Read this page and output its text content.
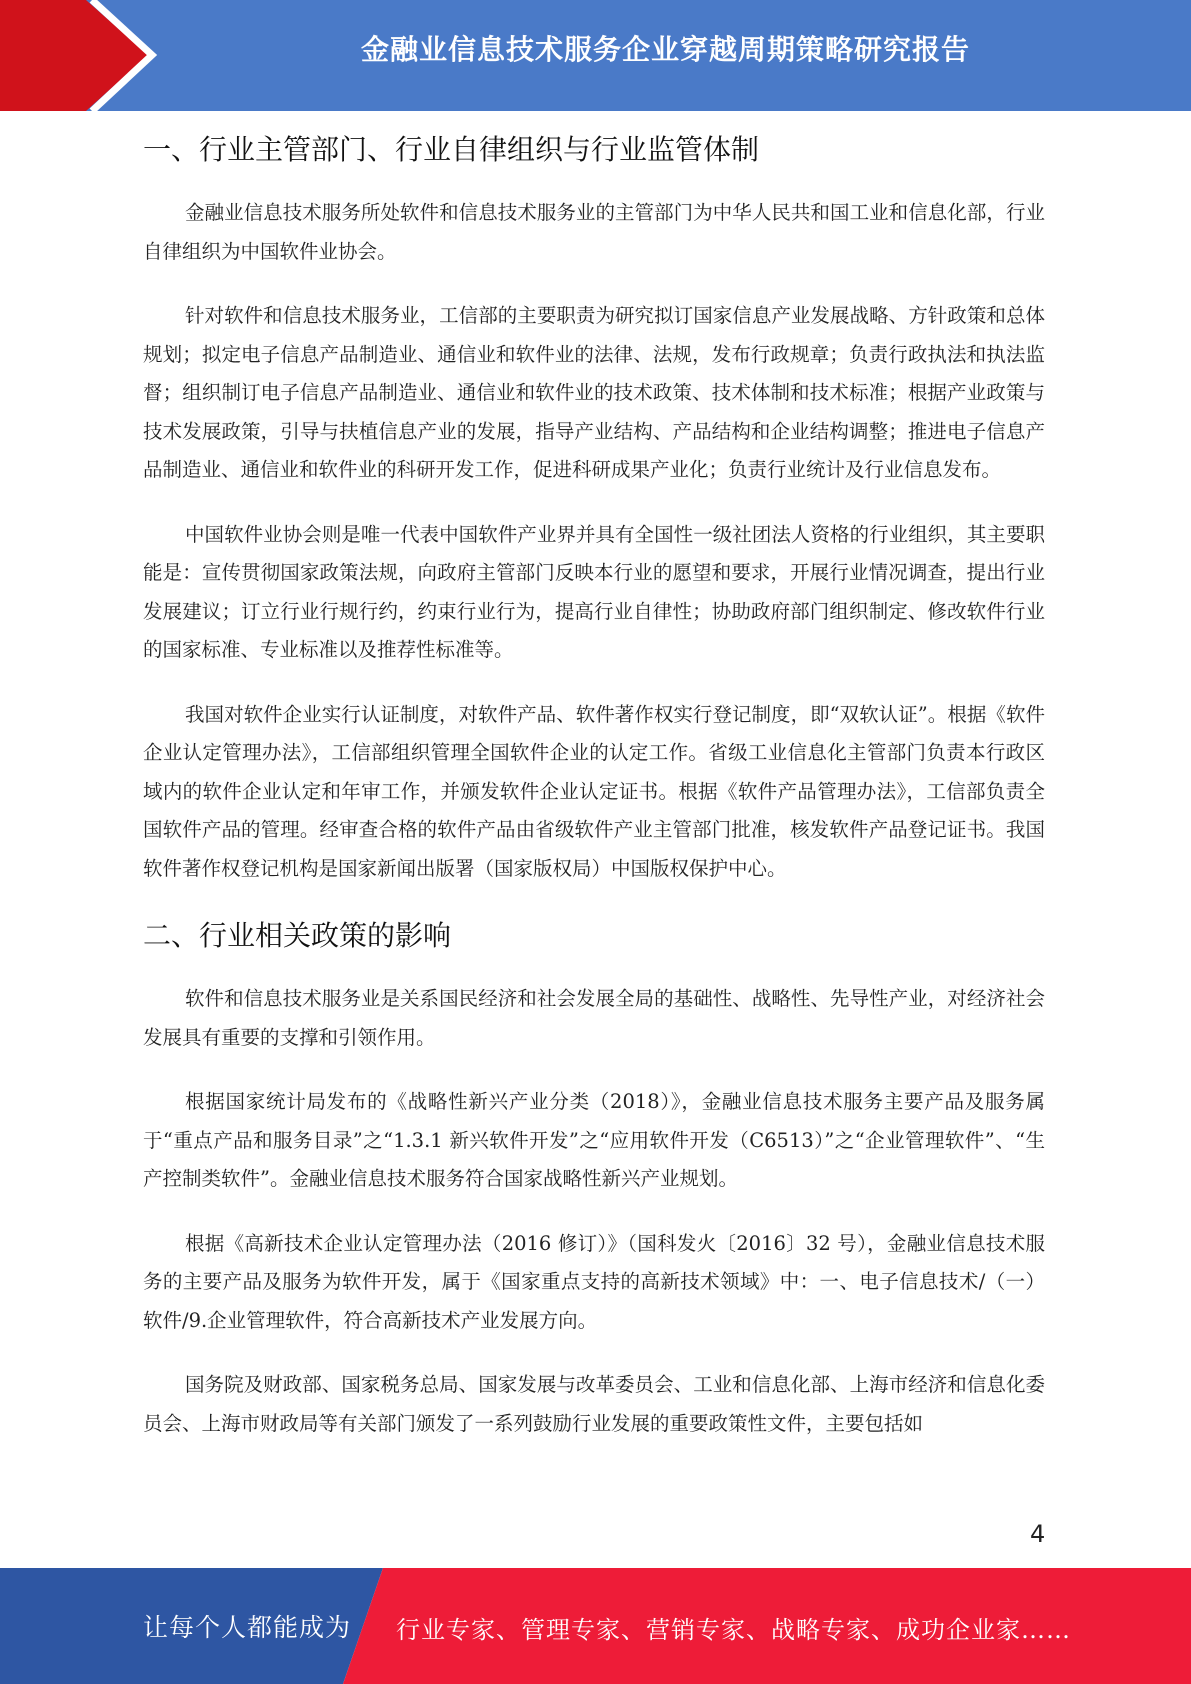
金融业信息技术服务企业穿越周期策略研究报告
一、行业主管部门、行业自律组织与行业监管体制

金融业信息技术服务所处软件和信息技术服务业的主管部门为中华人民共和国工业和信息化部，行业自律组织为中国软件业协会。

针对软件和信息技术服务业，工信部的主要职责为研究拟订国家信息产业发展战略、方针政策和总体规划；拟定电子信息产品制造业、通信业和软件业的法律、法规，发布行政规章；负责行政执法和执法监督；组织制订电子信息产品制造业、通信业和软件业的技术政策、技术体制和技术标准；根据产业政策与技术发展政策，引导与扶植信息产业的发展，指导产业结构、产品结构和企业结构调整；推进电子信息产品制造业、通信业和软件业的科研开发工作，促进科研成果产业化；负责行业统计及行业信息发布。

中国软件业协会则是唯一代表中国软件产业界并具有全国性一级社团法人资格的行业组织，其主要职能是：宣传贯彻国家政策法规，向政府主管部门反映本行业的愿望和要求，开展行业情况调查，提出行业发展建议；订立行业行规行约，约束行业行为，提高行业自律性；协助政府部门组织制定、修改软件行业的国家标准、专业标准以及推荐性标准等。

我国对软件企业实行认证制度，对软件产品、软件著作权实行登记制度，即“双软认证”。根据《软件企业认定管理办法》，工信部组织管理全国软件企业的认定工作。省级工业信息化主管部门负责本行政区域内的软件企业认定和年审工作，并颁发软件企业认定证书。根据《软件产品管理办法》，工信部负责全国软件产品的管理。经审查合格的软件产品由省级软件产业主管部门批准，核发软件产品登记证书。我国软件著作权登记机构是国家新闻出版署（国家版权局）中国版权保护中心。

二、行业相关政策的影响

软件和信息技术服务业是关系国民经济和社会发展全局的基础性、战略性、先导性产业，对经济社会发展具有重要的支撑和引领作用。

根据国家统计局发布的《战略性新兴产业分类（2018）》，金融业信息技术服务主要产品及服务属于“重点产品和服务目录”之“1.3.1 新兴软件开发”之“应用软件开发（C6513）”之“企业管理软件”、“生产控制类软件”。金融业信息技术服务符合国家战略性新兴产业规划。

根据《高新技术企业认定管理办法（2016 修订）》（国科发火〔2016〕32 号），金融业信息技术服务的主要产品及服务为软件开发，属于《国家重点支持的高新技术领域》中：一、电子信息技术/（一）软件/9.企业管理软件，符合高新技术产业发展方向。

国务院及财政部、国家税务总局、国家发展与改革委员会、工业和信息化部、上海市经济和信息化委员会、上海市财政局等有关部门颁发了一系列鼓励行业发展的重要政策性文件，主要包括如

4
让每个人都能成为 行业专家、管理专家、营销专家、战略专家、成功企业家……
